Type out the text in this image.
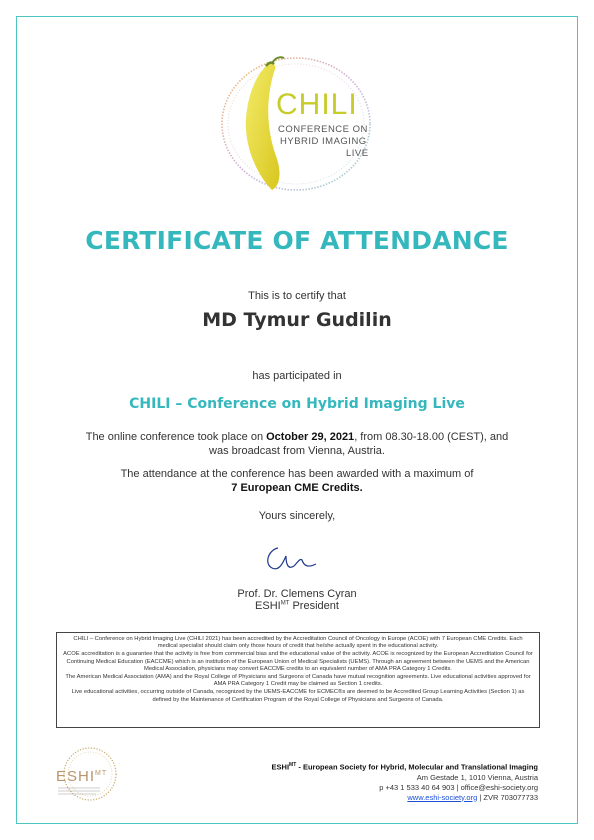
CHILI
CONFERENCE ON
HYBRID IMAGING
LIVE
CERTIFICATE OF ATTENDANCE
This is to certify that
MD Tymur Gudilin
has participated in
CHILI – Conference on Hybrid Imaging Live
The online conference took place on October 29, 2021, from 08.30-18.00 (CEST), and
was broadcast from Vienna, Austria.
The attendance at the conference has been awarded with a maximum of
7 European CME Credits.
Yours sincerely,
Prof. Dr. Clemens Cyran
$ESHI^{MT}$ President

CHILI – Conference on Hybrid Imaging Live (CHILI 2021) has been accredited by the Accreditation Council of Oncology in Europe (ACOE) with 7 European CME Credits. Each medical specialist should claim only those hours of credit that he/she actually spent in the educational activity.

ACOE accreditation is a guarantee that the activity is free from commercial bias and the educational value of the activity. ACOE is recognized by the European Accreditation Council for Continuing Medical Education (EACCME) which is an institution of the European Union of Medical Specialists (UEMS). Through an agreement between the UEMS and the American Medical Association, physicians may convert EACCME credits to an equivalent number of AMA PRA Category 1 Credits.

The American Medical Association (AMA) and the Royal College of Physicians and Surgeons of Canada have mutual recognition agreements. Live educational activities approved for AMA PRA Category 1 Credit may be claimed as Section 1 credits.

Live educational activities, occurring outside of Canada, recognized by the UEMS-EACCME for ECMEC®s are deemed to be Accredited Group Learning Activities (Section 1) as defined by the Maintenance of Certification Program of the Royal College of Physicians and Surgeons of Canada.

$ESHI^{MT}$
$ESHI^{MT}$ - European Society for Hybrid, Molecular and Translational Imaging
Am Gestade 1, 1010 Vienna, Austria
p +43 1 533 40 64 903 | office@eshi-society.org
www.eshi-society.org | ZVR 703077733
